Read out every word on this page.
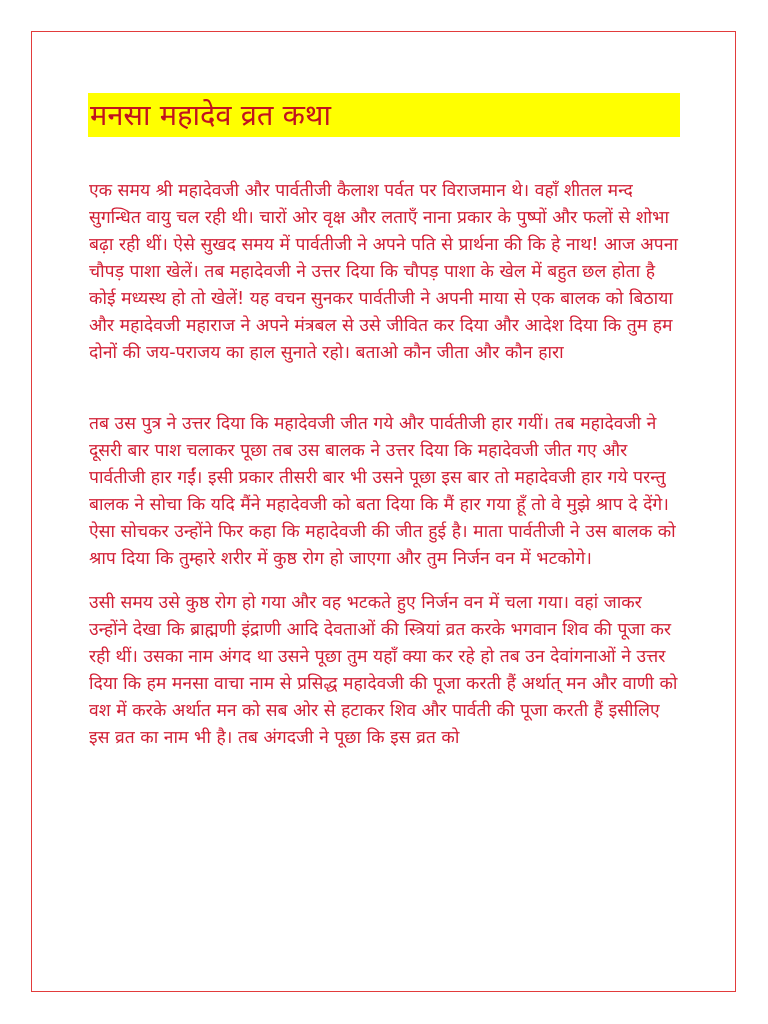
मनसा महादेव व्रत कथा

एक समय श्री महादेवजी और पार्वतीजी कैलाश पर्वत पर विराजमान थे। वहाँ शीतल मन्द सुगन्धित वायु चल रही थी। चारों ओर वृक्ष और लताएँ नाना प्रकार के पुष्पों और फलों से शोभा बढ़ा रही थीं। ऐसे सुखद समय में पार्वतीजी ने अपने पति से प्रार्थना की कि हे नाथ! आज अपना चौपड़ पाशा खेलें। तब महादेवजी ने उत्तर दिया कि चौपड़ पाशा के खेल में बहुत छल होता है कोई मध्यस्थ हो तो खेलें! यह वचन सुनकर पार्वतीजी ने अपनी माया से एक बालक को बिठाया और महादेवजी महाराज ने अपने मंत्रबल से उसे जीवित कर दिया और आदेश दिया कि तुम हम दोनों की जय-पराजय का हाल सुनाते रहो। बताओ कौन जीता और कौन हारा

तब उस पुत्र ने उत्तर दिया कि महादेवजी जीत गये और पार्वतीजी हार गयीं। तब महादेवजी ने दूसरी बार पाश चलाकर पूछा तब उस बालक ने उत्तर दिया कि महादेवजी जीत गए और पार्वतीजी हार गईं। इसी प्रकार तीसरी बार भी उसने पूछा इस बार तो महादेवजी हार गये परन्तु बालक ने सोचा कि यदि मैंने महादेवजी को बता दिया कि मैं हार गया हूँ तो वे मुझे श्राप दे देंगे। ऐसा सोचकर उन्होंने फिर कहा कि महादेवजी की जीत हुई है। माता पार्वतीजी ने उस बालक को श्राप दिया कि तुम्हारे शरीर में कुष्ठ रोग हो जाएगा और तुम निर्जन वन में भटकोगे।

उसी समय उसे कुष्ठ रोग हो गया और वह भटकते हुए निर्जन वन में चला गया। वहां जाकर उन्होंने देखा कि ब्राह्मणी इंद्राणी आदि देवताओं की स्त्रियां व्रत करके भगवान शिव की पूजा कर रही थीं। उसका नाम अंगद था उसने पूछा तुम यहाँ क्या कर रहे हो तब उन देवांगनाओं ने उत्तर दिया कि हम मनसा वाचा नाम से प्रसिद्ध महादेवजी की पूजा करती हैं अर्थात् मन और वाणी को वश में करके अर्थात मन को सब ओर से हटाकर शिव और पार्वती की पूजा करती हैं इसीलिए इस व्रत का नाम भी है। तब अंगदजी ने पूछा कि इस व्रत को
